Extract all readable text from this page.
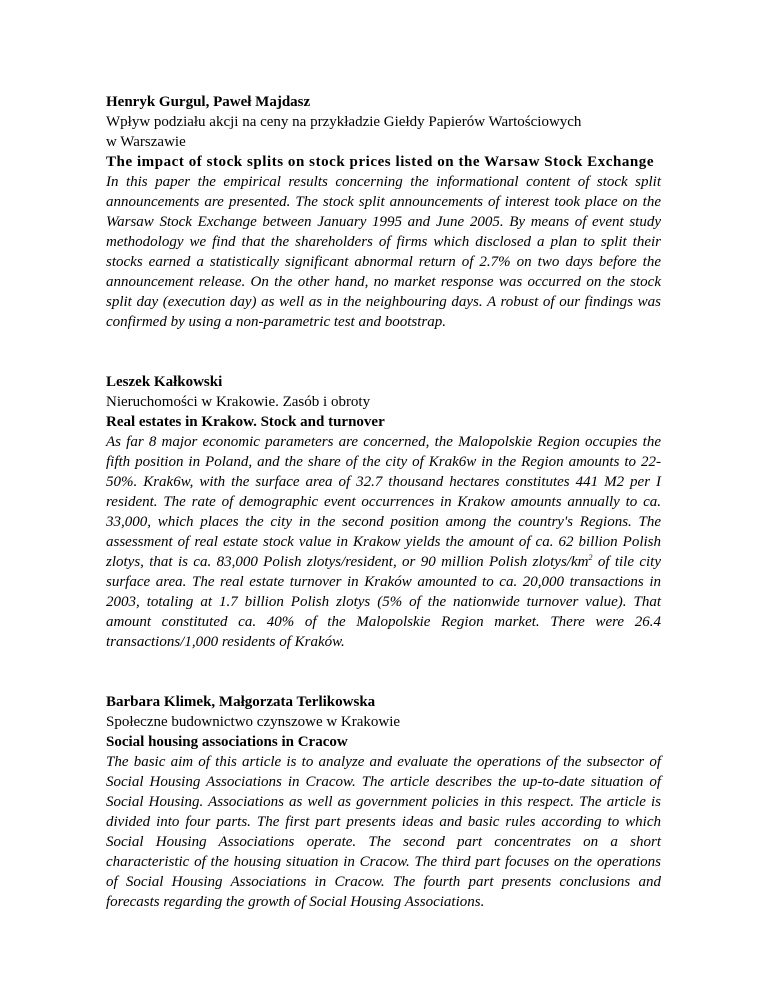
Henryk Gurgul, Paweł Majdasz

Wpływ podziału akcji na ceny na przykładzie Giełdy Papierów Wartościowych
w Warszawie

The impact of stock splits on stock prices listed on the Warsaw Stock Exchange

In this paper the empirical results concerning the informational content of stock split announcements are presented. The stock split announcements of interest took place on the Warsaw Stock Exchange between January 1995 and June 2005. By means of event study methodology we find that the shareholders of firms which disclosed a plan to split their stocks earned a statistically significant abnormal return of 2.7% on two days before the announcement release. On the other hand, no market response was occurred on the stock split day (execution day) as well as in the neighbouring days. A robust of our findings was confirmed by using a non-parametric test and bootstrap.

Leszek Kałkowski

Nieruchomości w Krakowie. Zasób i obroty

Real estates in Krakow. Stock and turnover

As far 8 major economic parameters are concerned, the Malopolskie Region occupies the fifth position in Poland, and the share of the city of Krak6w in the Region amounts to 22-50%. Krak6w, with the surface area of 32.7 thousand hectares constitutes 441 M2 per I resident. The rate of demographic event occurrences in Krakow amounts annually to ca. 33,000, which places the city in the second position among the country's Regions. The assessment of real estate stock value in Krakow yields the amount of ca. 62 billion Polish zlotys, that is ca. 83,000 Polish zlotys/resident, or 90 million Polish zlotys/$km^2$ of tile city surface area. The real estate turnover in Kraków amounted to ca. 20,000 transactions in 2003, totaling at 1.7 billion Polish zlotys (5% of the nationwide turnover value). That amount constituted ca. 40% of the Malopolskie Region market. There were 26.4 transactions/1,000 residents of Kraków.

Barbara Klimek, Małgorzata Terlikowska

Społeczne budownictwo czynszowe w Krakowie

Social housing associations in Cracow

The basic aim of this article is to analyze and evaluate the operations of the subsector of Social Housing Associations in Cracow. The article describes the up-to-date situation of Social Housing. Associations as well as government policies in this respect. The article is divided into four parts. The first part presents ideas and basic rules according to which Social Housing Associations operate. The second part concentrates on a short characteristic of the housing situation in Cracow. The third part focuses on the operations of Social Housing Associations in Cracow. The fourth part presents conclusions and forecasts regarding the growth of Social Housing Associations.
